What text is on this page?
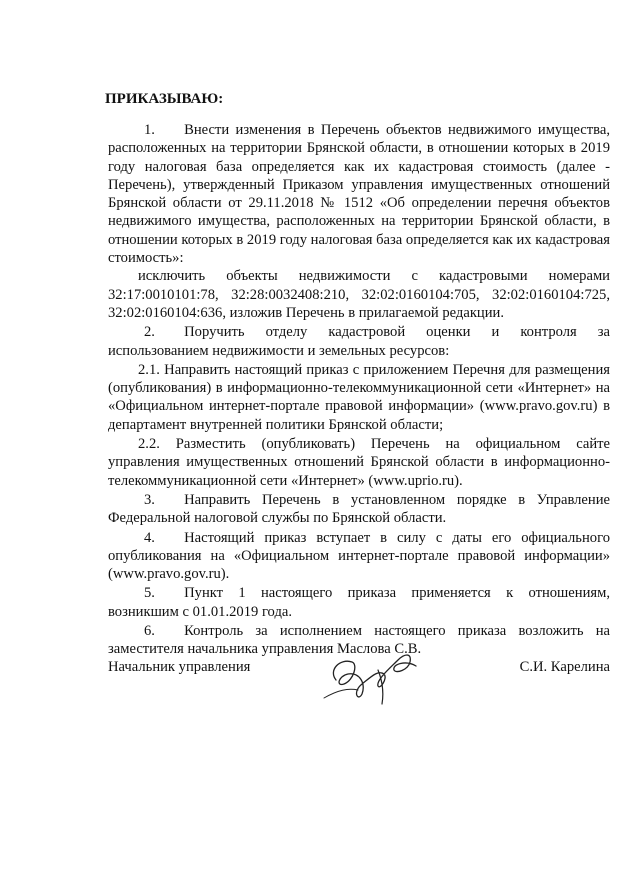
ПРИКАЗЫВАЮ:

1.  Внести изменения в Перечень объектов недвижимого имущества, расположенных на территории Брянской области, в отношении которых в 2019 году налоговая база определяется как их кадастровая стоимость (далее - Перечень), утвержденный Приказом управления имущественных отношений Брянской области от 29.11.2018 № 1512 «Об определении перечня объектов недвижимого имущества, расположенных на территории Брянской области, в отношении которых в 2019 году налоговая база определяется как их кадастровая стоимость»:

исключить объекты недвижимости с кадастровыми номерами 32:17:0010101:78, 32:28:0032408:210, 32:02:0160104:705, 32:02:0160104:725, 32:02:0160104:636, изложив Перечень в прилагаемой редакции.

2.  Поручить отделу кадастровой оценки и контроля за использованием недвижимости и земельных ресурсов:

2.1. Направить настоящий приказ с приложением Перечня для размещения (опубликования) в информационно-телекоммуникационной сети «Интернет» на «Официальном интернет-портале правовой информации» (www.pravo.gov.ru) в департамент внутренней политики Брянской области;

2.2. Разместить (опубликовать) Перечень на официальном сайте управления имущественных отношений Брянской области в информационно-телекоммуникационной сети «Интернет» (www.uprio.ru).

3.  Направить Перечень в установленном порядке в Управление Федеральной налоговой службы по Брянской области.

4.  Настоящий приказ вступает в силу с даты его официального опубликования на «Официальном интернет-портале правовой информации» (www.pravo.gov.ru).

5.  Пункт 1 настоящего приказа применяется к отношениям, возникшим с 01.01.2019 года.

6.  Контроль за исполнением настоящего приказа возложить на заместителя начальника управления Маслова С.В.

Начальник управления	С.И. Карелина
